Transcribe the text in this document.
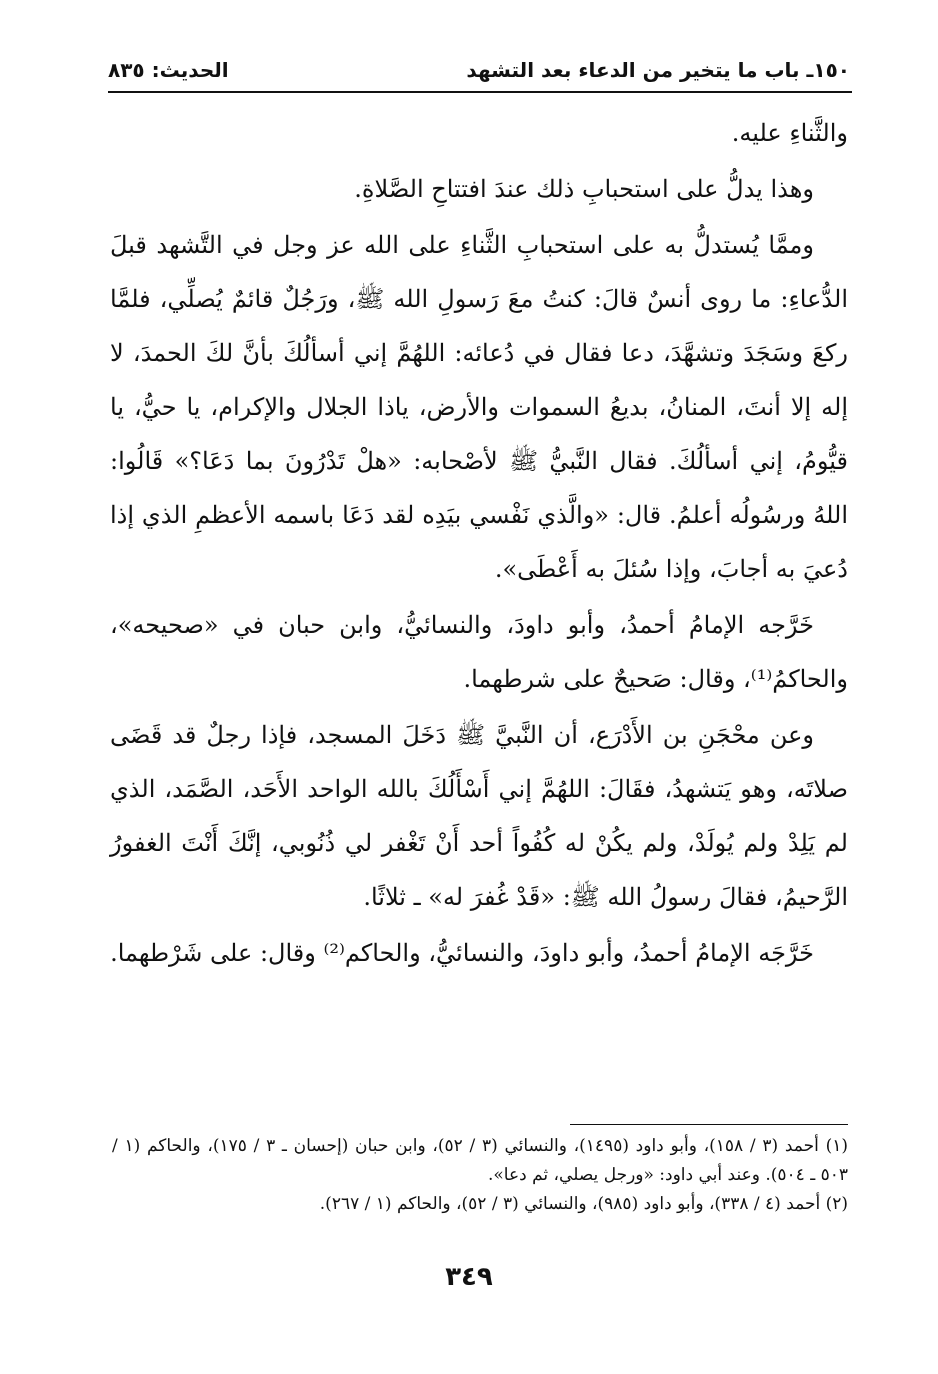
١٥٠ـ باب ما يتخير من الدعاء بعد التشهد
الحديث: ٨٣٥

والثَّناءِ عليه.

وهذا يدلُّ على استحبابِ ذلك عندَ افتتاحِ الصَّلاةِ.

وممَّا يُستدلُّ به على استحبابِ الثَّناءِ على الله عز وجل في التَّشهد قبلَ الدُّعاءِ: ما روى أنسٌ قالَ: كنتُ معَ رَسولِ الله ﷺ، ورَجُلٌ قائمٌ يُصلِّي، فلمَّا ركعَ وسَجَدَ وتشهَّدَ، دعا فقال في دُعائه: اللهُمَّ إني أسألُكَ بأنَّ لكَ الحمدَ، لا إله إلا أنتَ، المنانُ، بديعُ السموات والأرض، ياذا الجلال والإكرام، يا حيُّ، يا قيُّومُ، إني أسألُكَ. فقال النَّبيُّ ﷺ لأصْحابه: «هلْ تَدْرُونَ بما دَعَا؟» قَالُوا: اللهُ ورسُولُه أعلمُ. قال: «والَّذي نَفْسي بيَدِه لقد دَعَا باسمه الأعظمِ الذي إذا دُعيَ به أجابَ، وإذا سُئلَ به أَعْطَى».

خَرَّجه الإمامُ أحمدُ، وأبو داودَ، والنسائيُّ، وابن حبان في «صحيحه»، والحاكمُ⁽¹⁾، وقال: صَحيحٌ على شرطهما.

وعن محْجَنِ بن الأَدْرَع، أن النَّبيَّ ﷺ دَخَلَ المسجد، فإذا رجلٌ قد قَضَى صلاتَه، وهو يَتشهدُ، فقَالَ: اللهُمَّ إني أَسْأَلُكَ بالله الواحد الأَحَد، الصَّمَد، الذي لم يَلِدْ ولم يُولَدْ، ولم يكُنْ له كُفُواً أحد أَنْ تَغْفر لي ذُنُوبي، إنَّكَ أَنْتَ الغفورُ الرَّحيمُ، فقالَ رسولُ الله ﷺ: «قَدْ غُفرَ له» ـ ثلاثًا.

خَرَّجَه الإمامُ أحمدُ، وأبو داودَ، والنسائيُّ، والحاكم⁽²⁾ وقال: على شَرْطهما.

(١) أحمد (٣ / ١٥٨)، وأبو داود (١٤٩٥)، والنسائي (٣ / ٥٢)، وابن حبان (إحسان ـ ٣ / ١٧٥)، والحاكم (١ / ٥٠٣ ـ ٥٠٤). وعند أبي داود: «ورجل يصلي، ثم دعا».

(٢) أحمد (٤ / ٣٣٨)، وأبو داود (٩٨٥)، والنسائي (٣ / ٥٢)، والحاكم (١ / ٢٦٧).

٣٤٩
